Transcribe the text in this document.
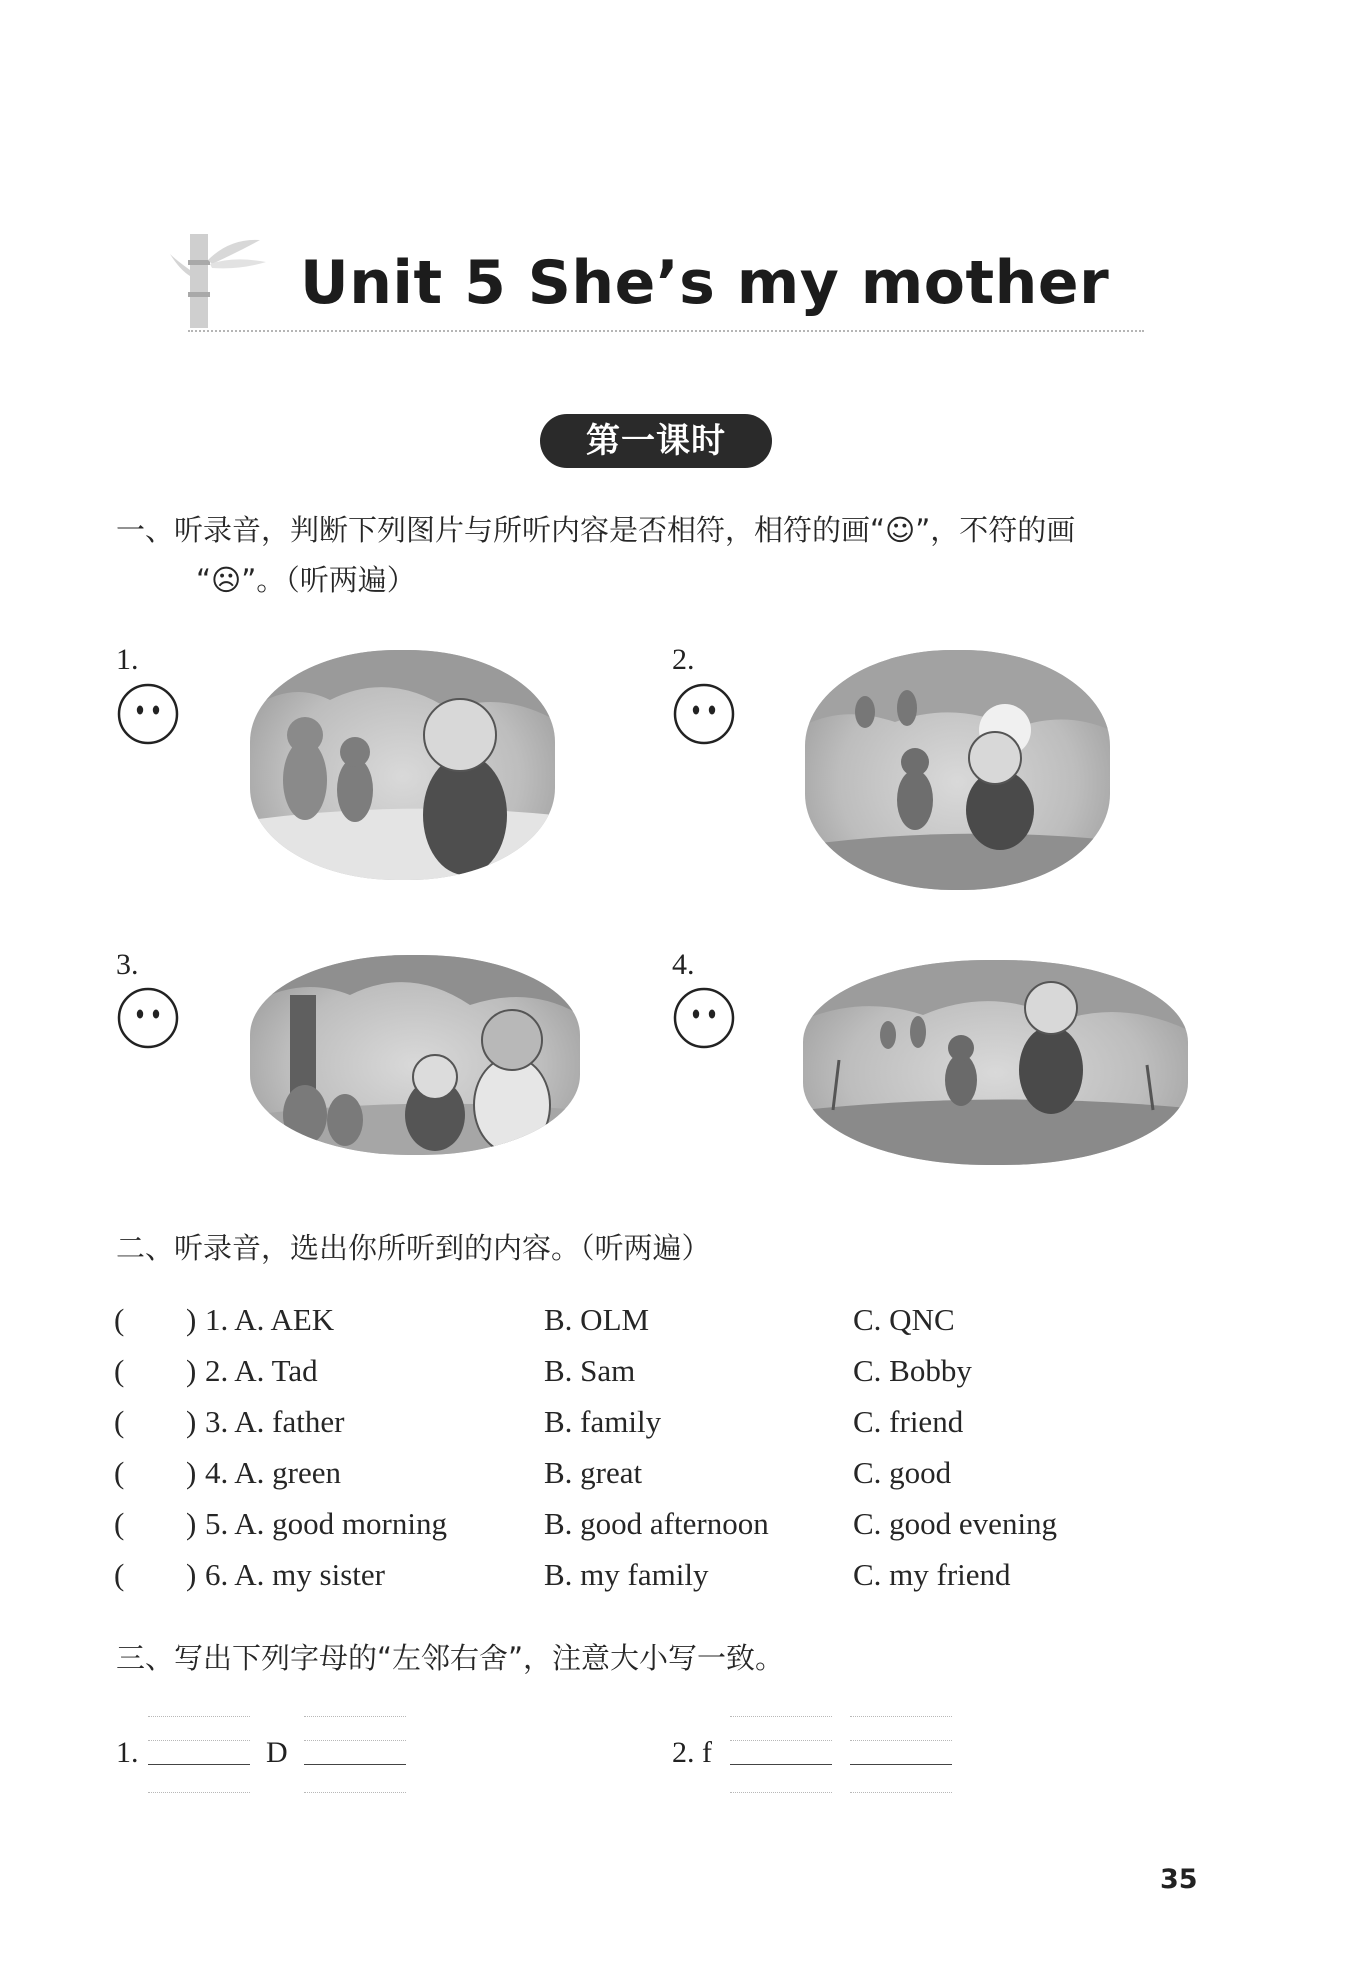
Unit 5 She’s my mother
第一课时
一、听录音，判断下列图片与所听内容是否相符，相符的画“☺”，不符的画
“☹”。（听两遍）
1.	2.
3.	4.
二、听录音，选出你所听到的内容。（听两遍）
( ) 1. A. AEK	B. OLM	C. QNC
( ) 2. A. Tad	B. Sam	C. Bobby
( ) 3. A. father	B. family	C. friend
( ) 4. A. green	B. great	C. good
( ) 5. A. good morning	B. good afternoon	C. good evening
( ) 6. A. my sister	B. my family	C. my friend
三、写出下列字母的“左邻右舍”，注意大小写一致。
1.	D	2. f
35
